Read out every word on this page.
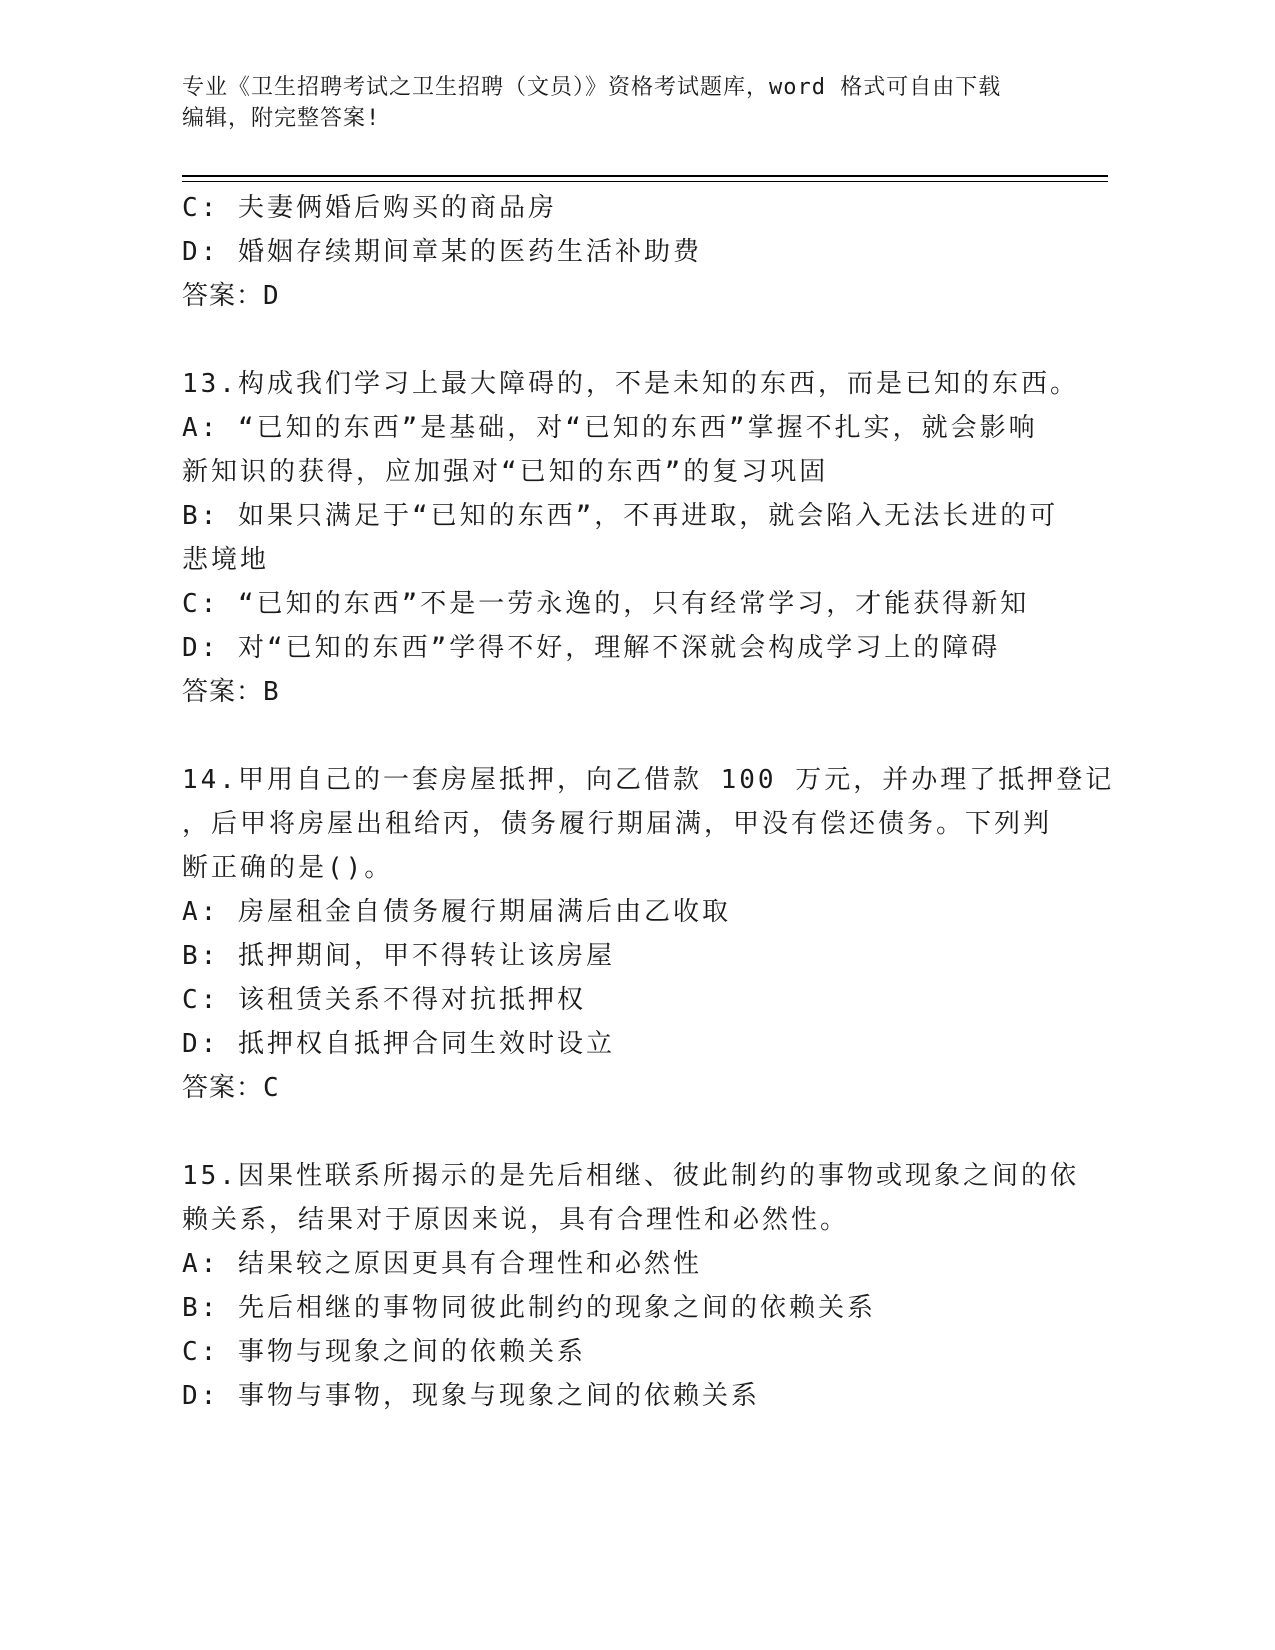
专业《卫生招聘考试之卫生招聘（文员）》资格考试题库，word 格式可自由下载
编辑，附完整答案!
C: 夫妻俩婚后购买的商品房
D: 婚姻存续期间章某的医药生活补助费
答案：D
13.构成我们学习上最大障碍的，不是未知的东西，而是已知的东西。
A: “已知的东西”是基础，对“已知的东西”掌握不扎实，就会影响
新知识的获得，应加强对“已知的东西”的复习巩固
B: 如果只满足于“已知的东西”，不再进取，就会陷入无法长进的可
悲境地
C: “已知的东西”不是一劳永逸的，只有经常学习，才能获得新知
D: 对“已知的东西”学得不好，理解不深就会构成学习上的障碍
答案：B
14.甲用自己的一套房屋抵押，向乙借款 100 万元，并办理了抵押登记
，后甲将房屋出租给丙，债务履行期届满，甲没有偿还债务。下列判
断正确的是()。
A: 房屋租金自债务履行期届满后由乙收取
B: 抵押期间，甲不得转让该房屋
C: 该租赁关系不得对抗抵押权
D: 抵押权自抵押合同生效时设立
答案：C
15.因果性联系所揭示的是先后相继、彼此制约的事物或现象之间的依
赖关系，结果对于原因来说，具有合理性和必然性。
A: 结果较之原因更具有合理性和必然性
B: 先后相继的事物同彼此制约的现象之间的依赖关系
C: 事物与现象之间的依赖关系
D: 事物与事物，现象与现象之间的依赖关系
